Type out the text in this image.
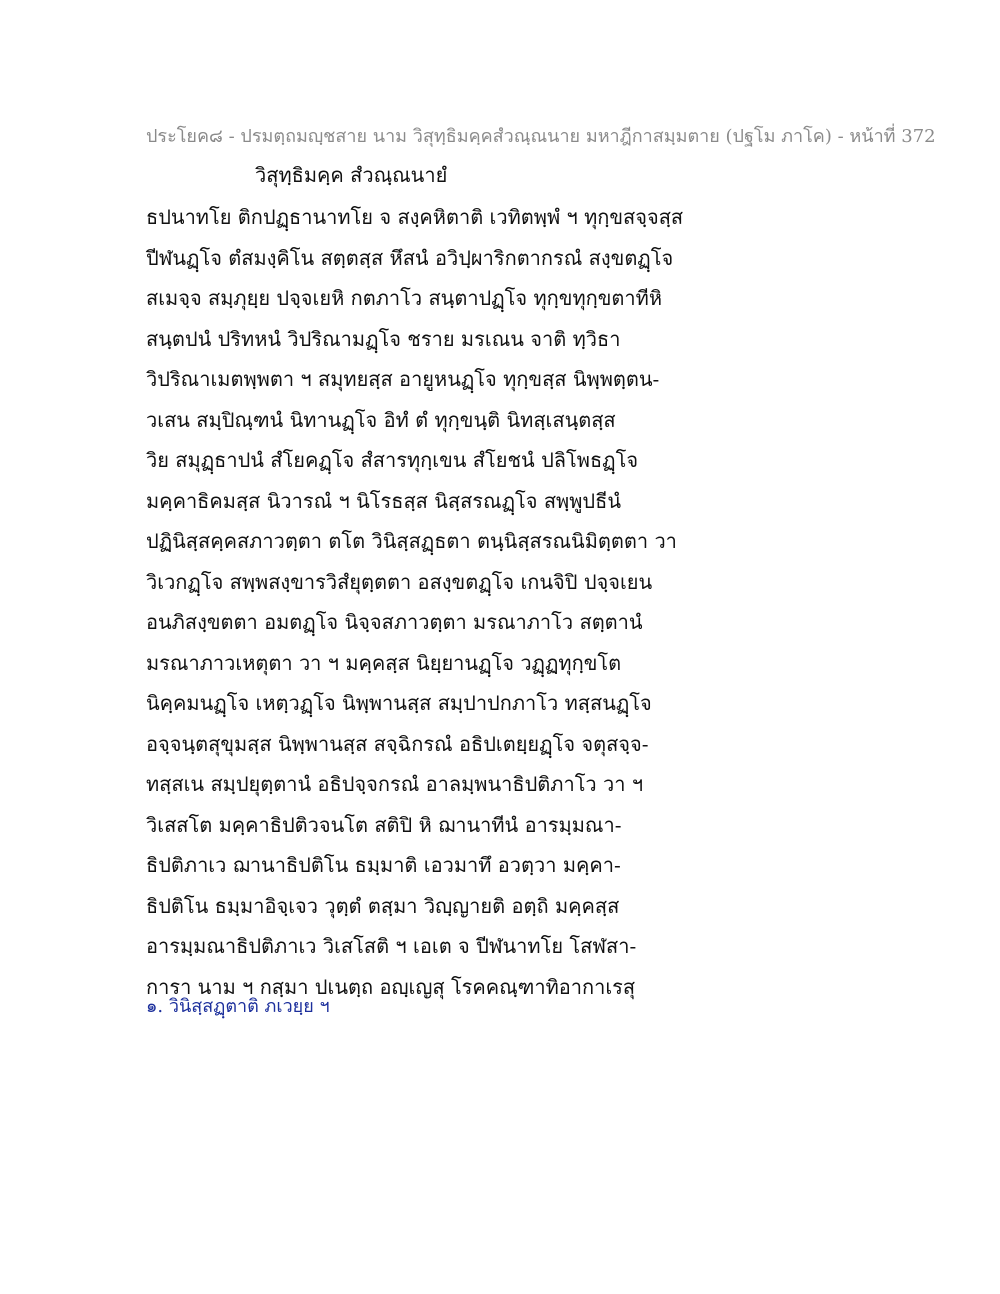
ประโยค๘ - ปรมตฺถมญฺชสาย นาม วิสุทฺธิมคฺคสํวณฺณนาย มหาฎีกาสมฺมตาย (ปฐโม ภาโค) - หน้าที่ 372
วิสุทฺธิมคฺค สํวณฺณนายํ
ธปนาทโย ติกปฏฺธานาทโย จ สงฺคหิตาติ เวทิตพฺพํ ฯ ทุกฺขสจฺจสฺส
ปีฬนฏฺโจ ตํสมงฺคิโน สตฺตสฺส หึสนํ อวิปฺผาริกตากรณํ สงฺขตฏฺโจ
สเมจฺจ สมฺภุยฺย ปจฺจเยหิ กตภาโว สนฺตาปฏฺโจ ทุกฺขทุกฺขตาทีหิ
สนฺตปนํ ปริทหนํ วิปริณามฏฺโจ ชราย มรเณน จาติ ทฺวิธา
วิปริณาเมตพฺพตา ฯ สมุทยสฺส อายูหนฏฺโจ ทุกฺขสฺส นิพฺพตฺตน-
วเสน สมฺปิณฺฑนํ นิทานฏฺโจ อิทํ ตํ ทุกฺขนฺติ นิทสฺเสนฺตสฺส
วิย สมุฏฺธาปนํ สํโยคฏฺโจ สํสารทุกฺเขน สํโยชนํ ปลิโพธฏฺโจ
มคฺคาธิคมสฺส นิวารณํ ฯ นิโรธสฺส นิสฺสรณฏฺโจ สพฺพูปธีนํ
ปฏินิสฺสคฺคสภาวตฺตา ตโต วินิสฺสฏฺธตา ตนฺนิสฺสรณนิมิตฺตตา วา
วิเวกฏฺโจ สพฺพสงฺขารวิสํยุตฺตตา อสงฺขตฏฺโจ เกนจิปิ ปจฺจเยน
อนภิสงฺขตตา อมตฏฺโจ นิจฺจสภาวตฺตา มรณาภาโว สตฺตานํ
มรณาภาวเหตุตา วา ฯ มคฺคสฺส นิยฺยานฏฺโจ วฏฺฏทุกฺขโต
นิคฺคมนฏฺโจ เหตฺวฏฺโจ นิพฺพานสฺส สมฺปาปกภาโว ทสฺสนฏฺโจ
อจฺจนฺตสุขุมสฺส นิพฺพานสฺส สจฺฉิกรณํ อธิปเตยฺยฏฺโจ จตุสจฺจ-
ทสฺสเน สมฺปยุตฺตานํ อธิปจฺจกรณํ อาลมฺพนาธิปติภาโว วา ฯ
วิเสสโต มคฺคาธิปติวจนโต สติปิ หิ ฌานาทีนํ อารมฺมณา-
ธิปติภาเว ฌานาธิปติโน ธมฺมาติ เอวมาทึ อวตฺวา มคฺคา-
ธิปติโน ธมฺมาอิจฺเจว วุตฺตํ ตสฺมา วิญฺญายติ อตฺถิ มคฺคสฺส
อารมฺมณาธิปติภาเว วิเสโสติ ฯ เอเต จ ปีฬนาทโย โสฬสา-
การา นาม ฯ กสฺมา ปเนตฺถ อญฺเญสุ โรคคณฺฑาทิอากาเรสุ
๑. วินิสฺสฏฺตาติ ภเวยฺย ฯ
